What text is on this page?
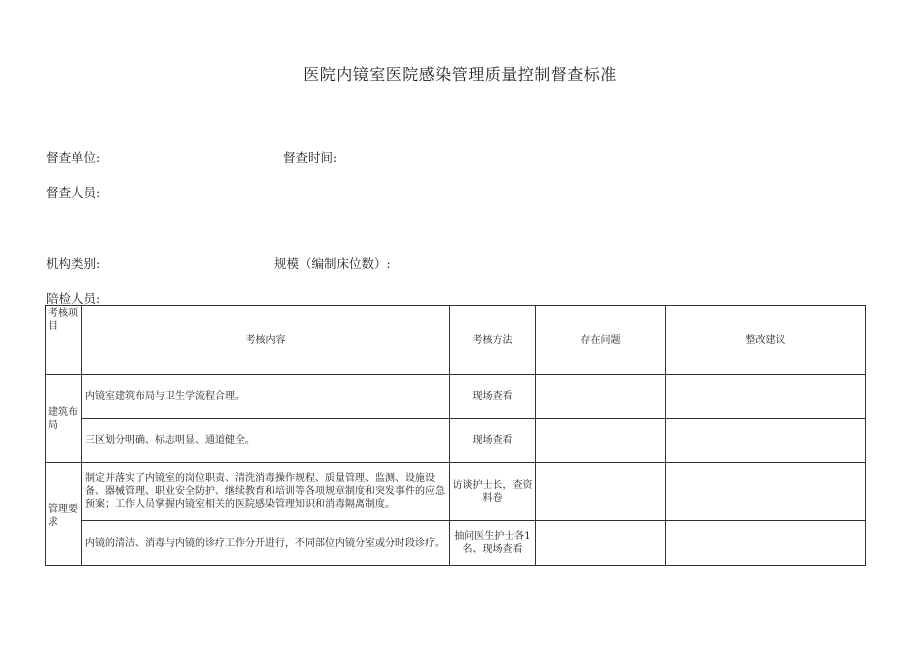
医院内镜室医院感染管理质量控制督查标准
督查单位:	督查时间:
督查人员:
机构类别:	规模（编制床位数）:
陪检人员:
考核项目	考核内容	考核方法	存在问题	整改建议
建筑布局	内镜室建筑布局与卫生学流程合理。	现场查看		
	三区划分明确、标志明显、通道健全。	现场查看		
管理要求	制定并落实了内镜室的岗位职责、清洗消毒操作规程、质量管理、监测、设施设备、器械管理、职业安全防护、继续教育和培训等各项规章制度和突发事件的应急预案；工作人员掌握内镜室相关的医院感染管理知识和消毒隔离制度。	访谈护士长，查资料卷		
	内镜的清洁、消毒与内镜的诊疗工作分开进行，不同部位内镜分室或分时段诊疗。	抽问医生护士各1名、现场查看		
